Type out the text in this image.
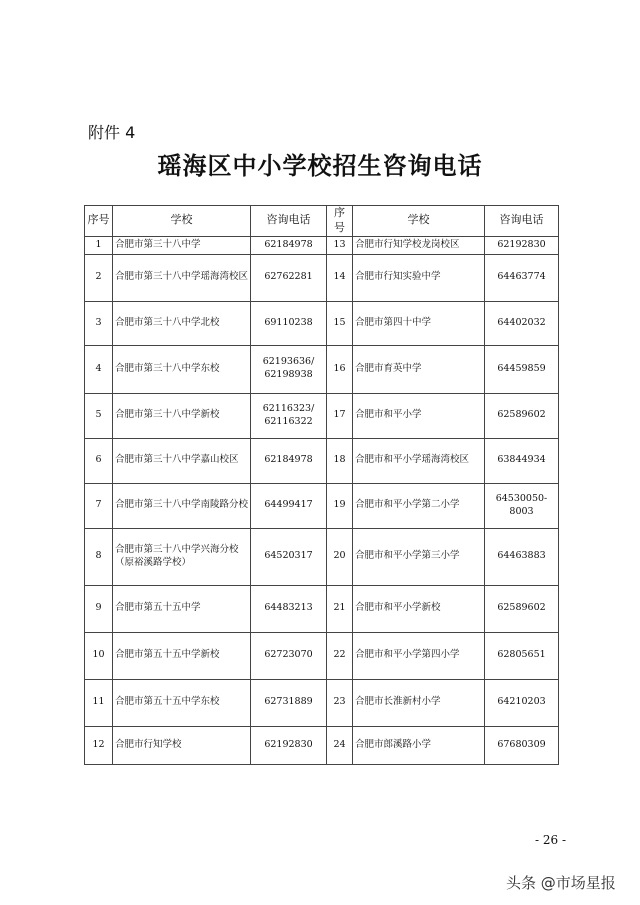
附件 4
瑶海区中小学校招生咨询电话
序号	学校	咨询电话	序号	学校	咨询电话
1	合肥市第三十八中学	62184978	13	合肥市行知学校龙岗校区	62192830
2	合肥市第三十八中学瑶海湾校区	62762281	14	合肥市行知实验中学	64463774
3	合肥市第三十八中学北校	69110238	15	合肥市第四十中学	64402032
4	合肥市第三十八中学东校	62193636/ 62198938	16	合肥市育英中学	64459859
5	合肥市第三十八中学新校	62116323/ 62116322	17	合肥市和平小学	62589602
6	合肥市第三十八中学嘉山校区	62184978	18	合肥市和平小学瑶海湾校区	63844934
7	合肥市第三十八中学南陵路分校	64499417	19	合肥市和平小学第二小学	64530050-8003
8	合肥市第三十八中学兴海分校（原裕溪路学校）	64520317	20	合肥市和平小学第三小学	64463883
9	合肥市第五十五中学	64483213	21	合肥市和平小学新校	62589602
10	合肥市第五十五中学新校	62723070	22	合肥市和平小学第四小学	62805651
11	合肥市第五十五中学东校	62731889	23	合肥市长淮新村小学	64210203
12	合肥市行知学校	62192830	24	合肥市郎溪路小学	67680309
- 26 -
头条 @市场星报
